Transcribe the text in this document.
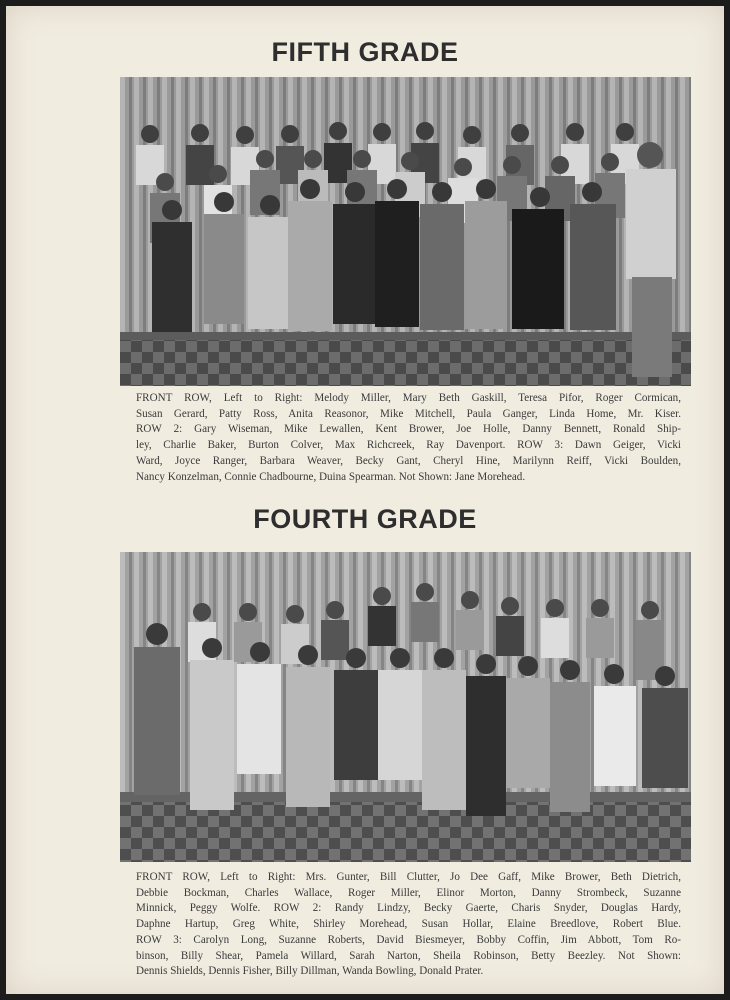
FIFTH GRADE
FRONT ROW, Left to Right: Melody Miller, Mary Beth Gaskill, Teresa Pifor, Roger Cormican,
Susan Gerard, Patty Ross, Anita Reasonor, Mike Mitchell, Paula Ganger, Linda Home, Mr. Kiser.
ROW 2: Gary Wiseman, Mike Lewallen, Kent Brower, Joe Holle, Danny Bennett, Ronald Ship-
ley, Charlie Baker, Burton Colver, Max Richcreek, Ray Davenport. ROW 3: Dawn Geiger, Vicki
Ward, Joyce Ranger, Barbara Weaver, Becky Gant, Cheryl Hine, Marilynn Reiff, Vicki Boulden,
Nancy Konzelman, Connie Chadbourne, Duina Spearman. Not Shown: Jane Morehead.
FOURTH GRADE
FRONT ROW, Left to Right: Mrs. Gunter, Bill Clutter, Jo Dee Gaff, Mike Brower, Beth Dietrich,
Debbie Bockman, Charles Wallace, Roger Miller, Elinor Morton, Danny Strombeck, Suzanne
Minnick, Peggy Wolfe. ROW 2: Randy Lindzy, Becky Gaerte, Charis Snyder, Douglas Hardy,
Daphne Hartup, Greg White, Shirley Morehead, Susan Hollar, Elaine Breedlove, Robert Blue.
ROW 3: Carolyn Long, Suzanne Roberts, David Biesmeyer, Bobby Coffin, Jim Abbott, Tom Ro-
binson, Billy Shear, Pamela Willard, Sarah Narton, Sheila Robinson, Betty Beezley. Not Shown:
Dennis Shields, Dennis Fisher, Billy Dillman, Wanda Bowling, Donald Prater.
